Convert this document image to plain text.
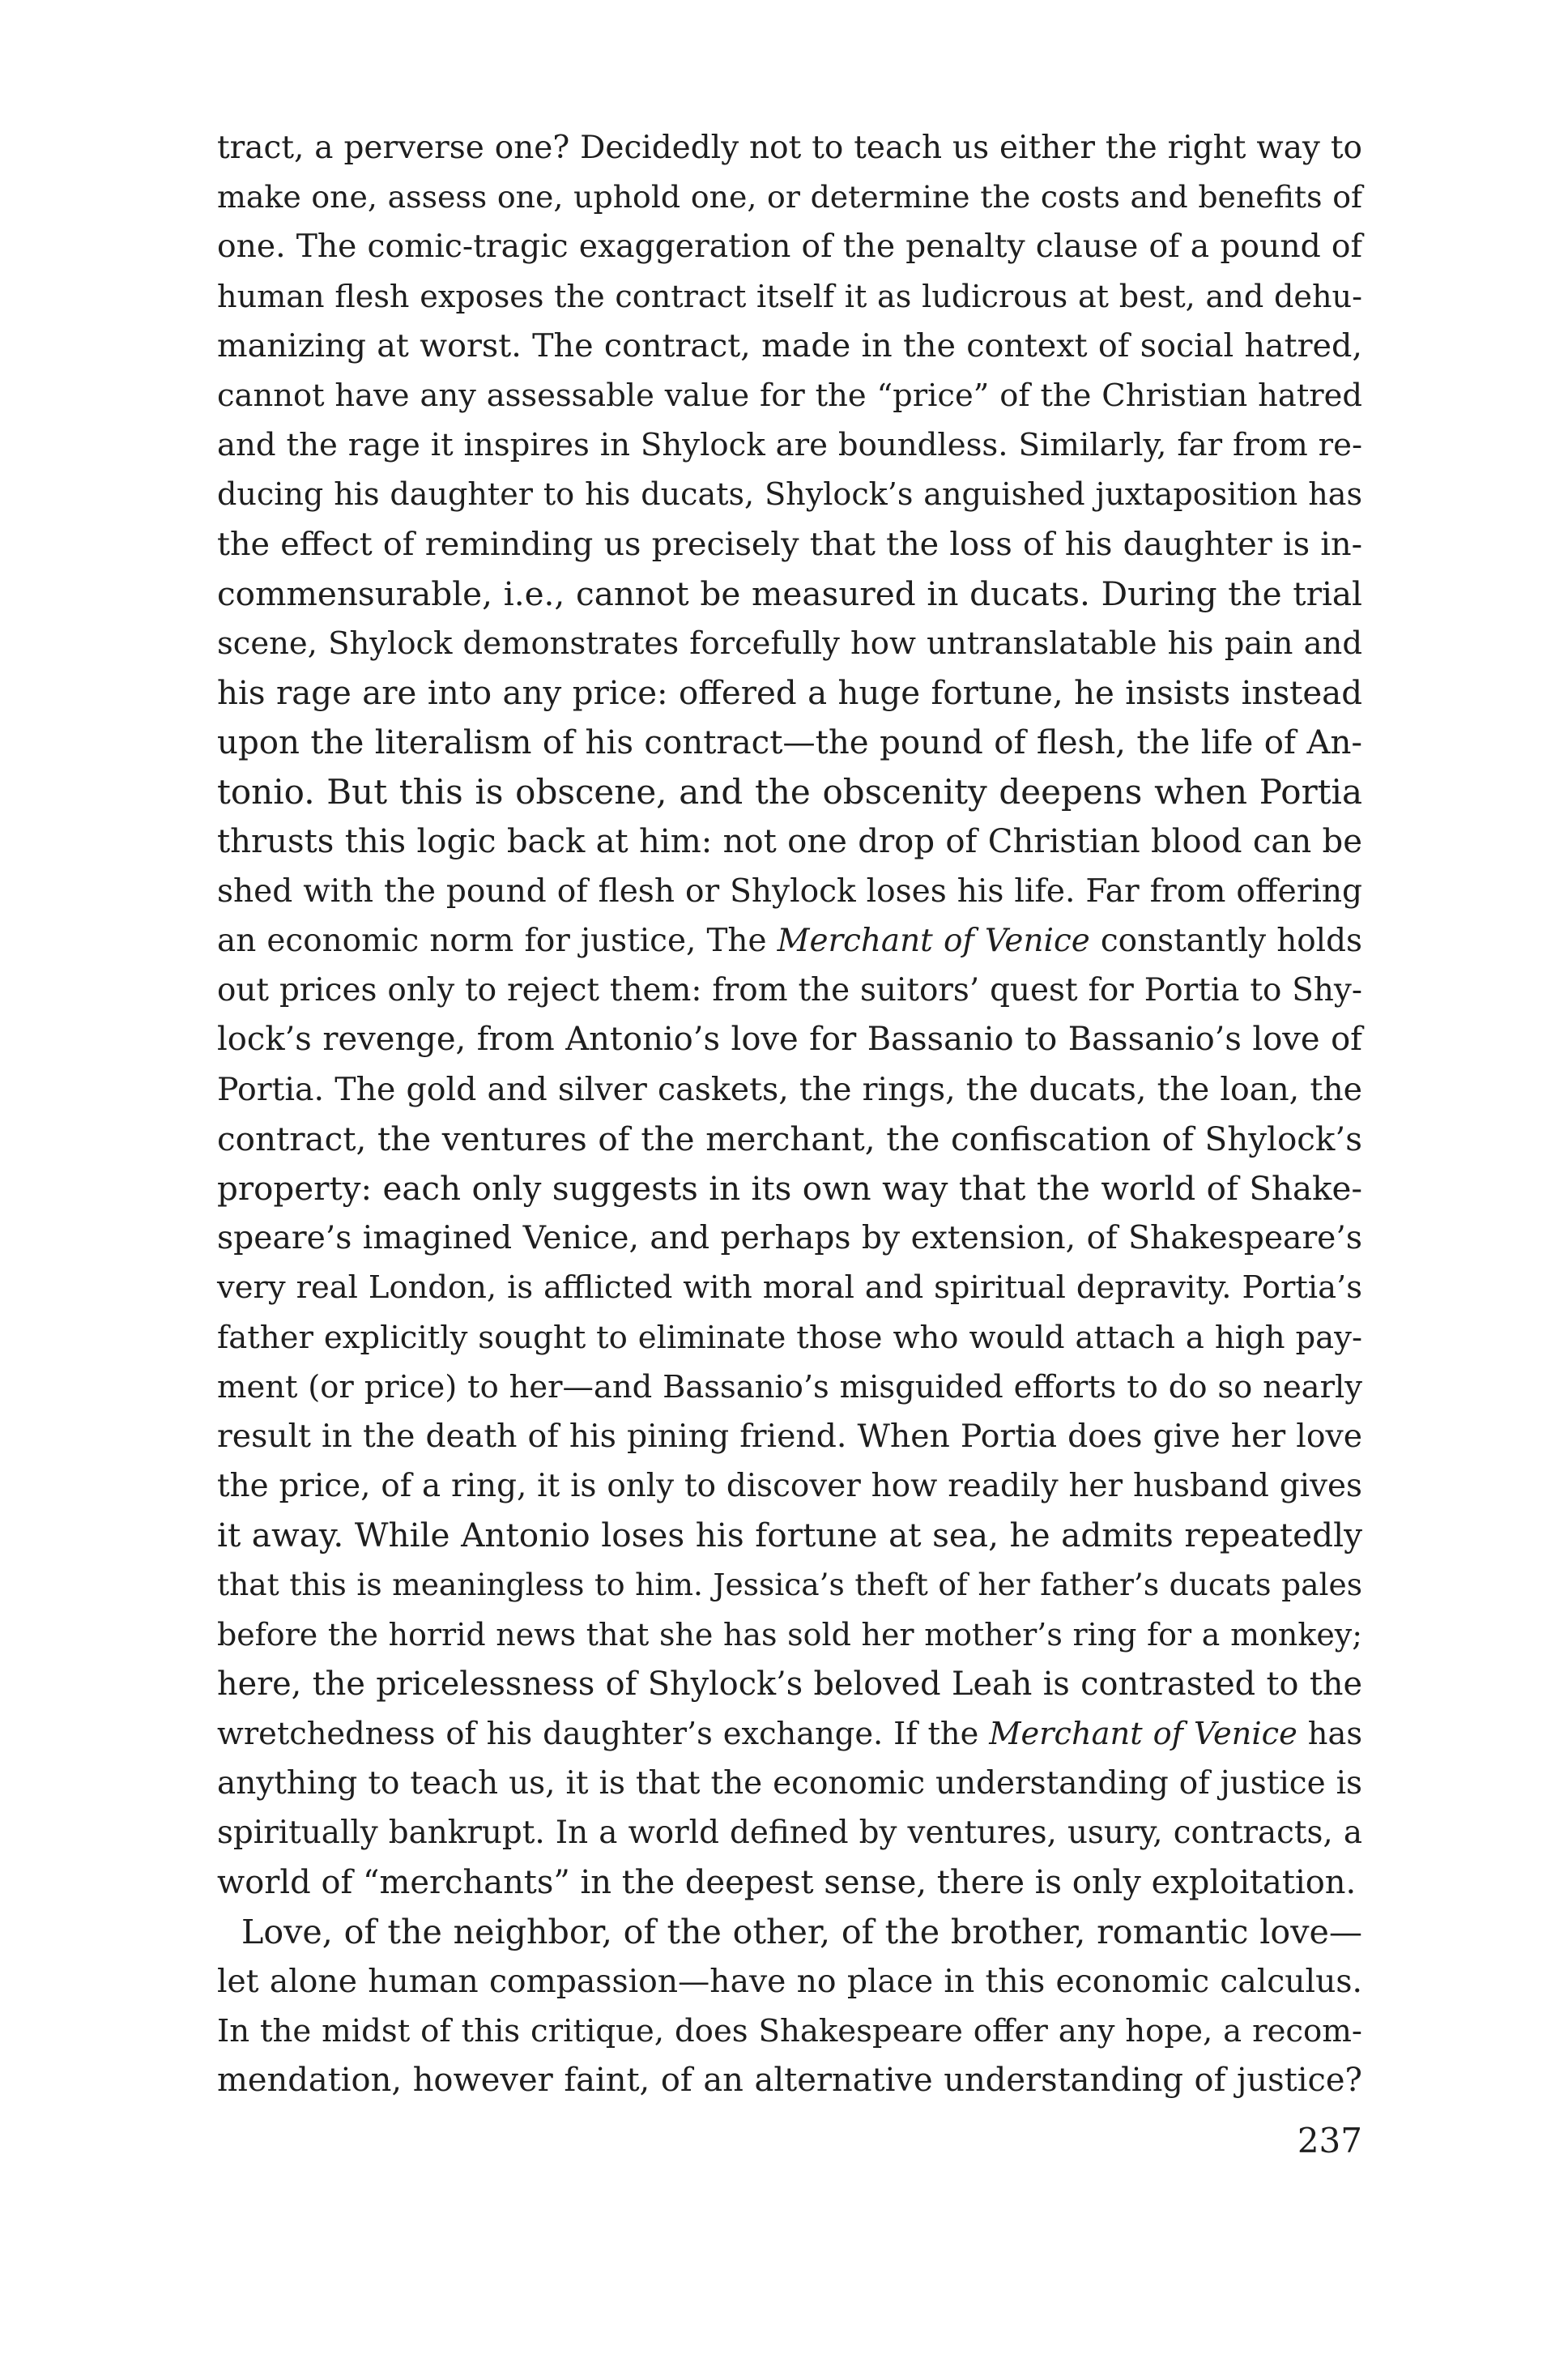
tract, a perverse one? Decidedly not to teach us either the right way to
make one, assess one, uphold one, or determine the costs and benefits of
one. The comic-tragic exaggeration of the penalty clause of a pound of
human flesh exposes the contract itself it as ludicrous at best, and dehu-
manizing at worst. The contract, made in the context of social hatred,
cannot have any assessable value for the “price” of the Christian hatred
and the rage it inspires in Shylock are boundless. Similarly, far from re-
ducing his daughter to his ducats, Shylock’s anguished juxtaposition has
the effect of reminding us precisely that the loss of his daughter is in-
commensurable, i.e., cannot be measured in ducats. During the trial
scene, Shylock demonstrates forcefully how untranslatable his pain and
his rage are into any price: offered a huge fortune, he insists instead
upon the literalism of his contract—the pound of flesh, the life of An-
tonio. But this is obscene, and the obscenity deepens when Portia
thrusts this logic back at him: not one drop of Christian blood can be
shed with the pound of flesh or Shylock loses his life. Far from offering
an economic norm for justice, The Merchant of Venice constantly holds
out prices only to reject them: from the suitors’ quest for Portia to Shy-
lock’s revenge, from Antonio’s love for Bassanio to Bassanio’s love of
Portia. The gold and silver caskets, the rings, the ducats, the loan, the
contract, the ventures of the merchant, the confiscation of Shylock’s
property: each only suggests in its own way that the world of Shake-
speare’s imagined Venice, and perhaps by extension, of Shakespeare’s
very real London, is afflicted with moral and spiritual depravity. Portia’s
father explicitly sought to eliminate those who would attach a high pay-
ment (or price) to her—and Bassanio’s misguided efforts to do so nearly
result in the death of his pining friend. When Portia does give her love
the price, of a ring, it is only to discover how readily her husband gives
it away. While Antonio loses his fortune at sea, he admits repeatedly
that this is meaningless to him. Jessica’s theft of her father’s ducats pales
before the horrid news that she has sold her mother’s ring for a monkey;
here, the pricelessness of Shylock’s beloved Leah is contrasted to the
wretchedness of his daughter’s exchange. If the Merchant of Venice has
anything to teach us, it is that the economic understanding of justice is
spiritually bankrupt. In a world defined by ventures, usury, contracts, a
world of “merchants” in the deepest sense, there is only exploitation.
Love, of the neighbor, of the other, of the brother, romantic love—
let alone human compassion—have no place in this economic calculus.
In the midst of this critique, does Shakespeare offer any hope, a recom-
mendation, however faint, of an alternative understanding of justice?
237
